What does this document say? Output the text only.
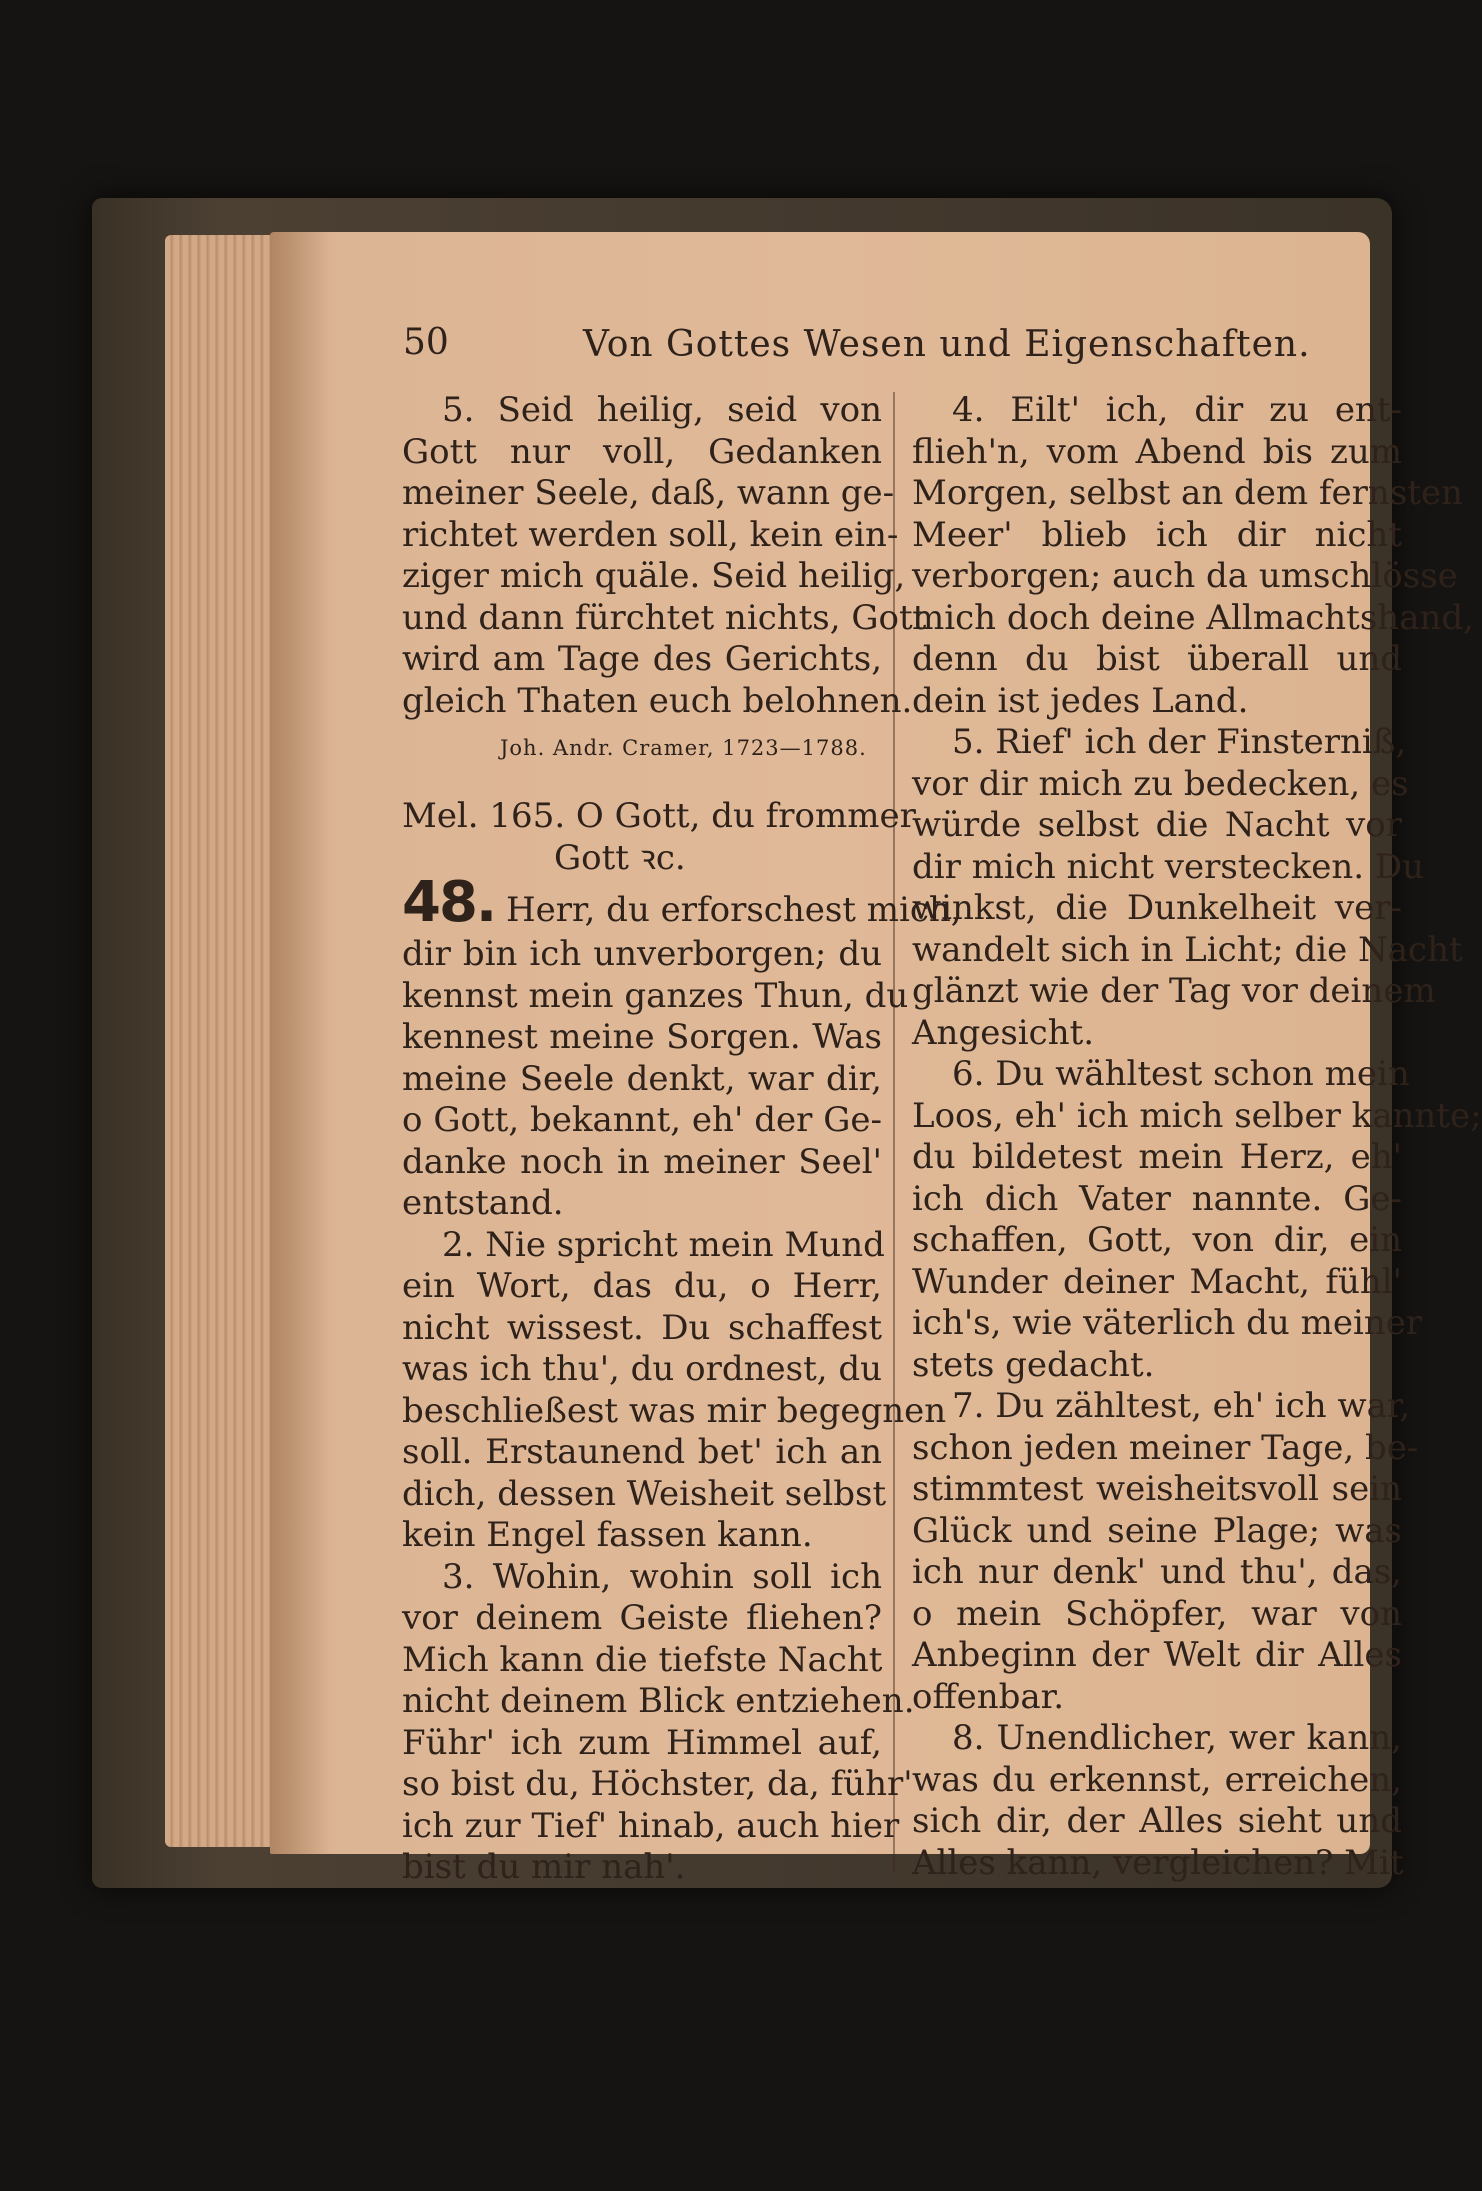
50	Von Gottes Wesen und Eigenschaften.
5. Seid heilig, seid von
Gott nur voll, Gedanken
meiner Seele, daß, wann ge-
richtet werden soll, kein ein-
ziger mich quäle. Seid heilig,
und dann fürchtet nichts, Gott
wird am Tage des Gerichts,
gleich Thaten euch belohnen.
Joh. Andr. Cramer, 1723—1788.
Mel. 165. O Gott, du frommer
Gott ꝛc.
48. Herr, du erforschest mich,
dir bin ich unverborgen; du
kennst mein ganzes Thun, du
kennest meine Sorgen. Was
meine Seele denkt, war dir,
o Gott, bekannt, eh' der Ge-
danke noch in meiner Seel'
entstand.
2. Nie spricht mein Mund
ein Wort, das du, o Herr,
nicht wissest. Du schaffest
was ich thu', du ordnest, du
beschließest was mir begegnen
soll. Erstaunend bet' ich an
dich, dessen Weisheit selbst
kein Engel fassen kann.
3. Wohin, wohin soll ich
vor deinem Geiste fliehen?
Mich kann die tiefste Nacht
nicht deinem Blick entziehen.
Führ' ich zum Himmel auf,
so bist du, Höchster, da, führ'
ich zur Tief' hinab, auch hier
bist du mir nah'.
4. Eilt' ich, dir zu ent-
flieh'n, vom Abend bis zum
Morgen, selbst an dem fernsten
Meer' blieb ich dir nicht
verborgen; auch da umschlösse
mich doch deine Allmachtshand,
denn du bist überall und
dein ist jedes Land.
5. Rief' ich der Finsterniß,
vor dir mich zu bedecken, es
würde selbst die Nacht vor
dir mich nicht verstecken. Du
winkst, die Dunkelheit ver-
wandelt sich in Licht; die Nacht
glänzt wie der Tag vor deinem
Angesicht.
6. Du wähltest schon mein
Loos, eh' ich mich selber kannte;
du bildetest mein Herz, eh'
ich dich Vater nannte. Ge-
schaffen, Gott, von dir, ein
Wunder deiner Macht, fühl'
ich's, wie väterlich du meiner
stets gedacht.
7. Du zähltest, eh' ich war,
schon jeden meiner Tage, be-
stimmtest weisheitsvoll sein
Glück und seine Plage; was
ich nur denk' und thu', das,
o mein Schöpfer, war von
Anbeginn der Welt dir Alles
offenbar.
8. Unendlicher, wer kann,
was du erkennst, erreichen,
sich dir, der Alles sieht und
Alles kann, vergleichen? Mit
